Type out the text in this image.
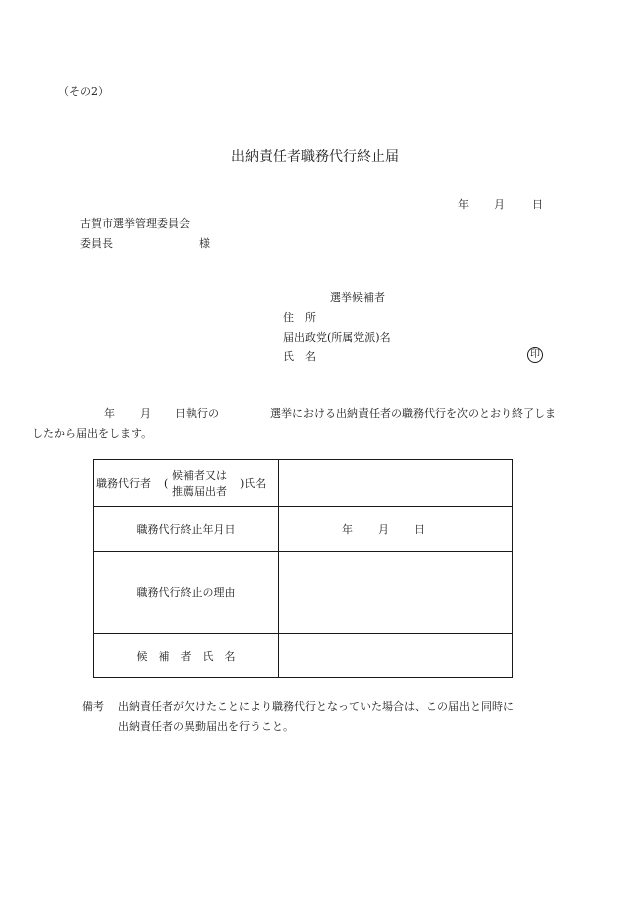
（その2）
出納責任者職務代行終止届
年 月 日
古賀市選挙管理委員会
委員長	様
選挙候補者
住　所
届出政党(所属党派)名
氏　名	印
年 月 日執行の	選挙における出納責任者の職務代行を次のとおり終了しま
したから届出をします。
職務代行者 (
候補者又は
推薦届出者
)氏名
職務代行終止年月日	年 月 日
職務代行終止の理由
候　補　者　氏　名
備考 出納責任者が欠けたことにより職務代行となっていた場合は、この届出と同時に
出納責任者の異動届出を行うこと。
